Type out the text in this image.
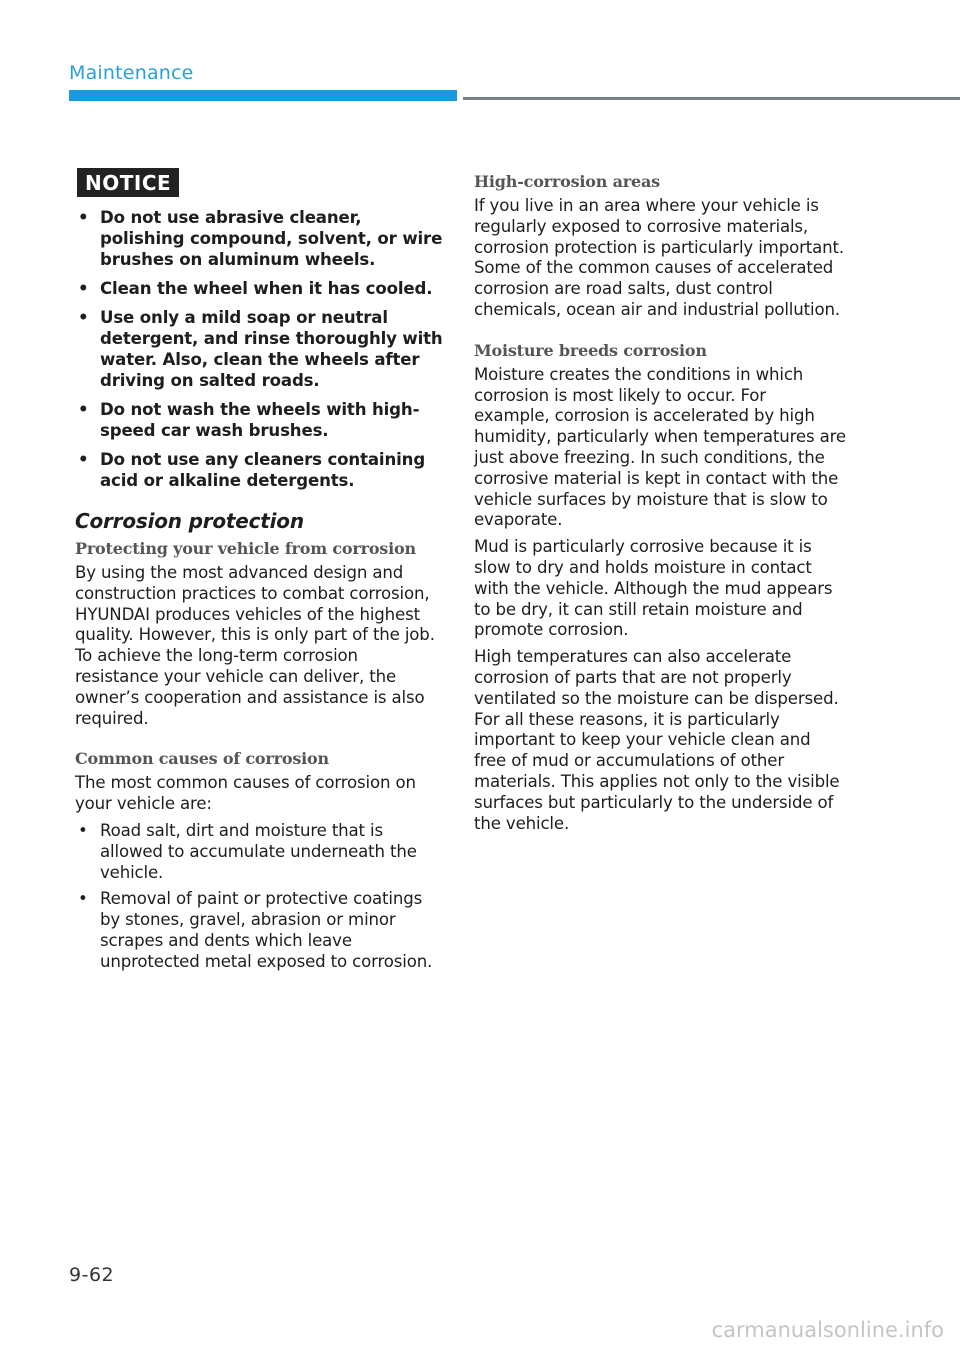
Maintenance
NOTICE
• Do not use abrasive cleaner, polishing compound, solvent, or wire brushes on aluminum wheels.
• Clean the wheel when it has cooled.
• Use only a mild soap or neutral detergent, and rinse thoroughly with water. Also, clean the wheels after driving on salted roads.
• Do not wash the wheels with high-speed car wash brushes.
• Do not use any cleaners containing acid or alkaline detergents.
Corrosion protection
Protecting your vehicle from corrosion

By using the most advanced design and construction practices to combat corrosion, HYUNDAI produces vehicles of the highest quality. However, this is only part of the job. To achieve the long-term corrosion resistance your vehicle can deliver, the owner’s cooperation and assistance is also required.

Common causes of corrosion

The most common causes of corrosion on your vehicle are:

• Road salt, dirt and moisture that is allowed to accumulate underneath the vehicle.
• Removal of paint or protective coatings by stones, gravel, abrasion or minor scrapes and dents which leave unprotected metal exposed to corrosion.
High-corrosion areas

If you live in an area where your vehicle is regularly exposed to corrosive materials, corrosion protection is particularly important. Some of the common causes of accelerated corrosion are road salts, dust control chemicals, ocean air and industrial pollution.

Moisture breeds corrosion

Moisture creates the conditions in which corrosion is most likely to occur. For example, corrosion is accelerated by high humidity, particularly when temperatures are just above freezing. In such conditions, the corrosive material is kept in contact with the vehicle surfaces by moisture that is slow to evaporate.

Mud is particularly corrosive because it is slow to dry and holds moisture in contact with the vehicle. Although the mud appears to be dry, it can still retain moisture and promote corrosion.

High temperatures can also accelerate corrosion of parts that are not properly ventilated so the moisture can be dispersed. For all these reasons, it is particularly important to keep your vehicle clean and free of mud or accumulations of other materials. This applies not only to the visible surfaces but particularly to the underside of the vehicle.

9-62
carmanualsonline.info
